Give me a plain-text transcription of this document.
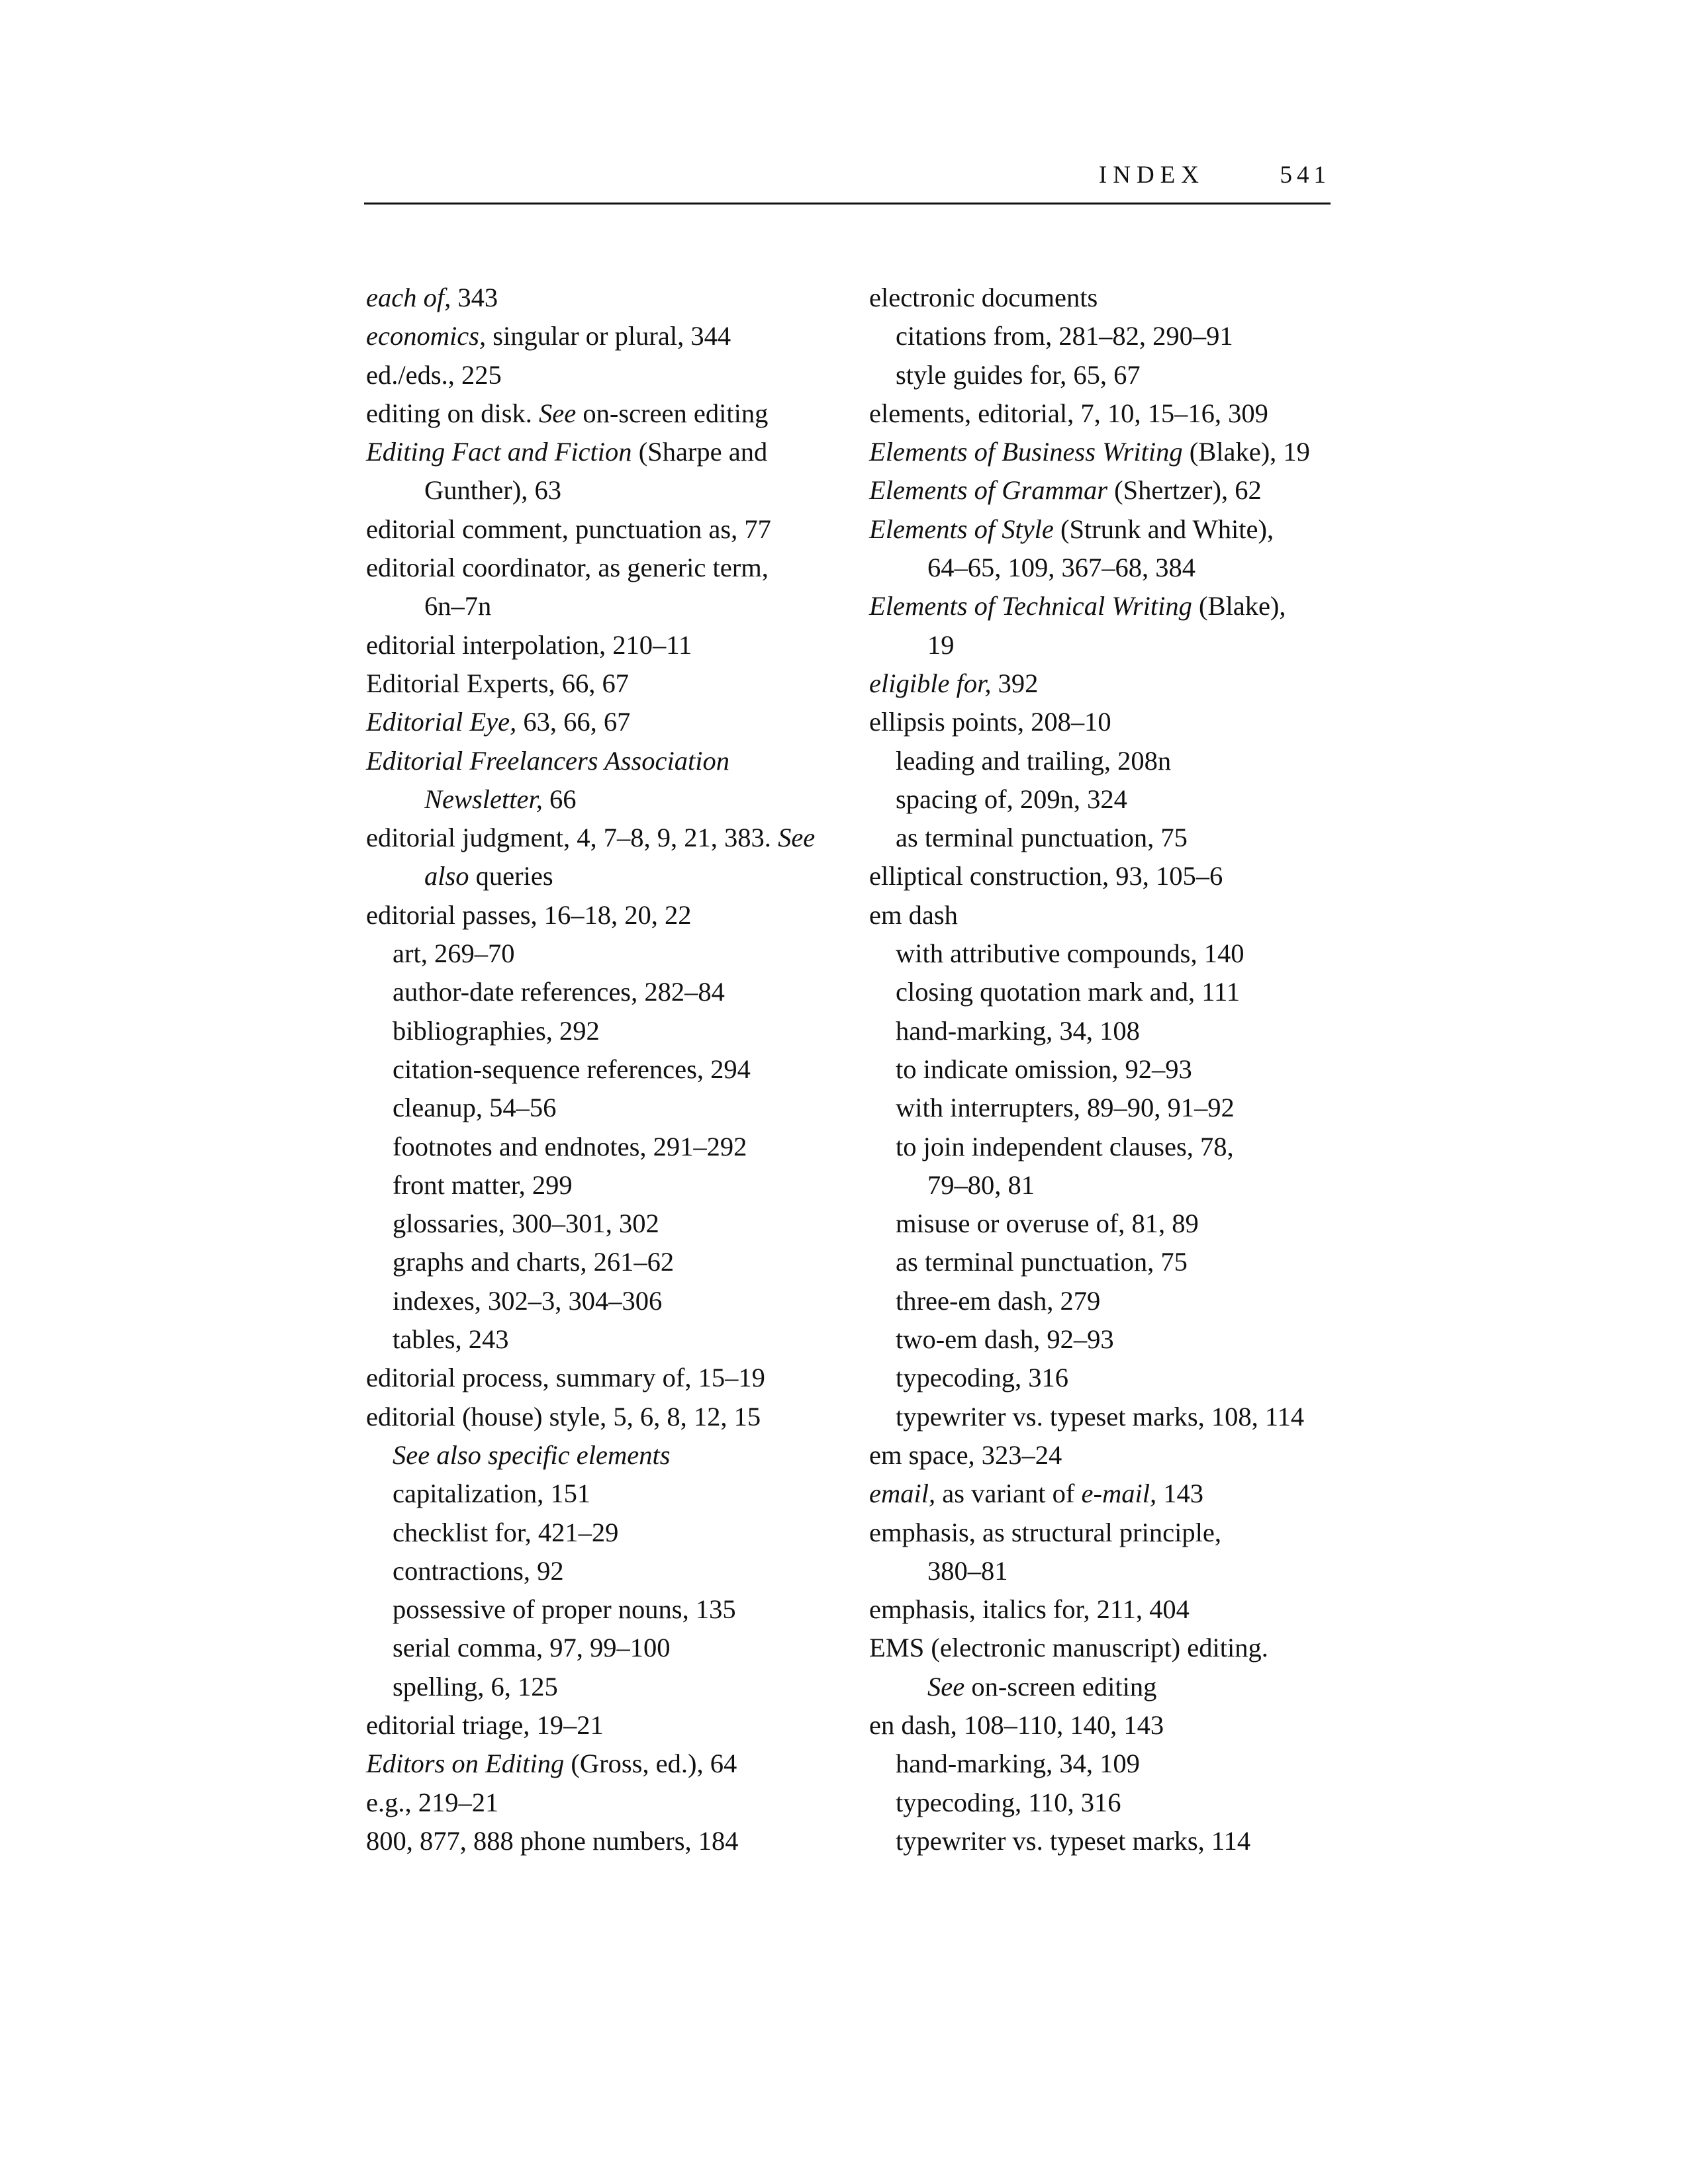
INDEX	541
each of, 343
economics, singular or plural, 344
ed./eds., 225
editing on disk. See on-screen editing
Editing Fact and Fiction (Sharpe and
Gunther), 63
editorial comment, punctuation as, 77
editorial coordinator, as generic term,
6n–7n
editorial interpolation, 210–11
Editorial Experts, 66, 67
Editorial Eye, 63, 66, 67
Editorial Freelancers Association
Newsletter, 66
editorial judgment, 4, 7–8, 9, 21, 383. See
also queries
editorial passes, 16–18, 20, 22
art, 269–70
author-date references, 282–84
bibliographies, 292
citation-sequence references, 294
cleanup, 54–56
footnotes and endnotes, 291–292
front matter, 299
glossaries, 300–301, 302
graphs and charts, 261–62
indexes, 302–3, 304–306
tables, 243
editorial process, summary of, 15–19
editorial (house) style, 5, 6, 8, 12, 15
See also specific elements
capitalization, 151
checklist for, 421–29
contractions, 92
possessive of proper nouns, 135
serial comma, 97, 99–100
spelling, 6, 125
editorial triage, 19–21
Editors on Editing (Gross, ed.), 64
e.g., 219–21
800, 877, 888 phone numbers, 184
electronic documents
citations from, 281–82, 290–91
style guides for, 65, 67
elements, editorial, 7, 10, 15–16, 309
Elements of Business Writing (Blake), 19
Elements of Grammar (Shertzer), 62
Elements of Style (Strunk and White),
64–65, 109, 367–68, 384
Elements of Technical Writing (Blake),
19
eligible for, 392
ellipsis points, 208–10
leading and trailing, 208n
spacing of, 209n, 324
as terminal punctuation, 75
elliptical construction, 93, 105–6
em dash
with attributive compounds, 140
closing quotation mark and, 111
hand-marking, 34, 108
to indicate omission, 92–93
with interrupters, 89–90, 91–92
to join independent clauses, 78,
79–80, 81
misuse or overuse of, 81, 89
as terminal punctuation, 75
three-em dash, 279
two-em dash, 92–93
typecoding, 316
typewriter vs. typeset marks, 108, 114
em space, 323–24
email, as variant of e-mail, 143
emphasis, as structural principle,
380–81
emphasis, italics for, 211, 404
EMS (electronic manuscript) editing.
See on-screen editing
en dash, 108–110, 140, 143
hand-marking, 34, 109
typecoding, 110, 316
typewriter vs. typeset marks, 114
